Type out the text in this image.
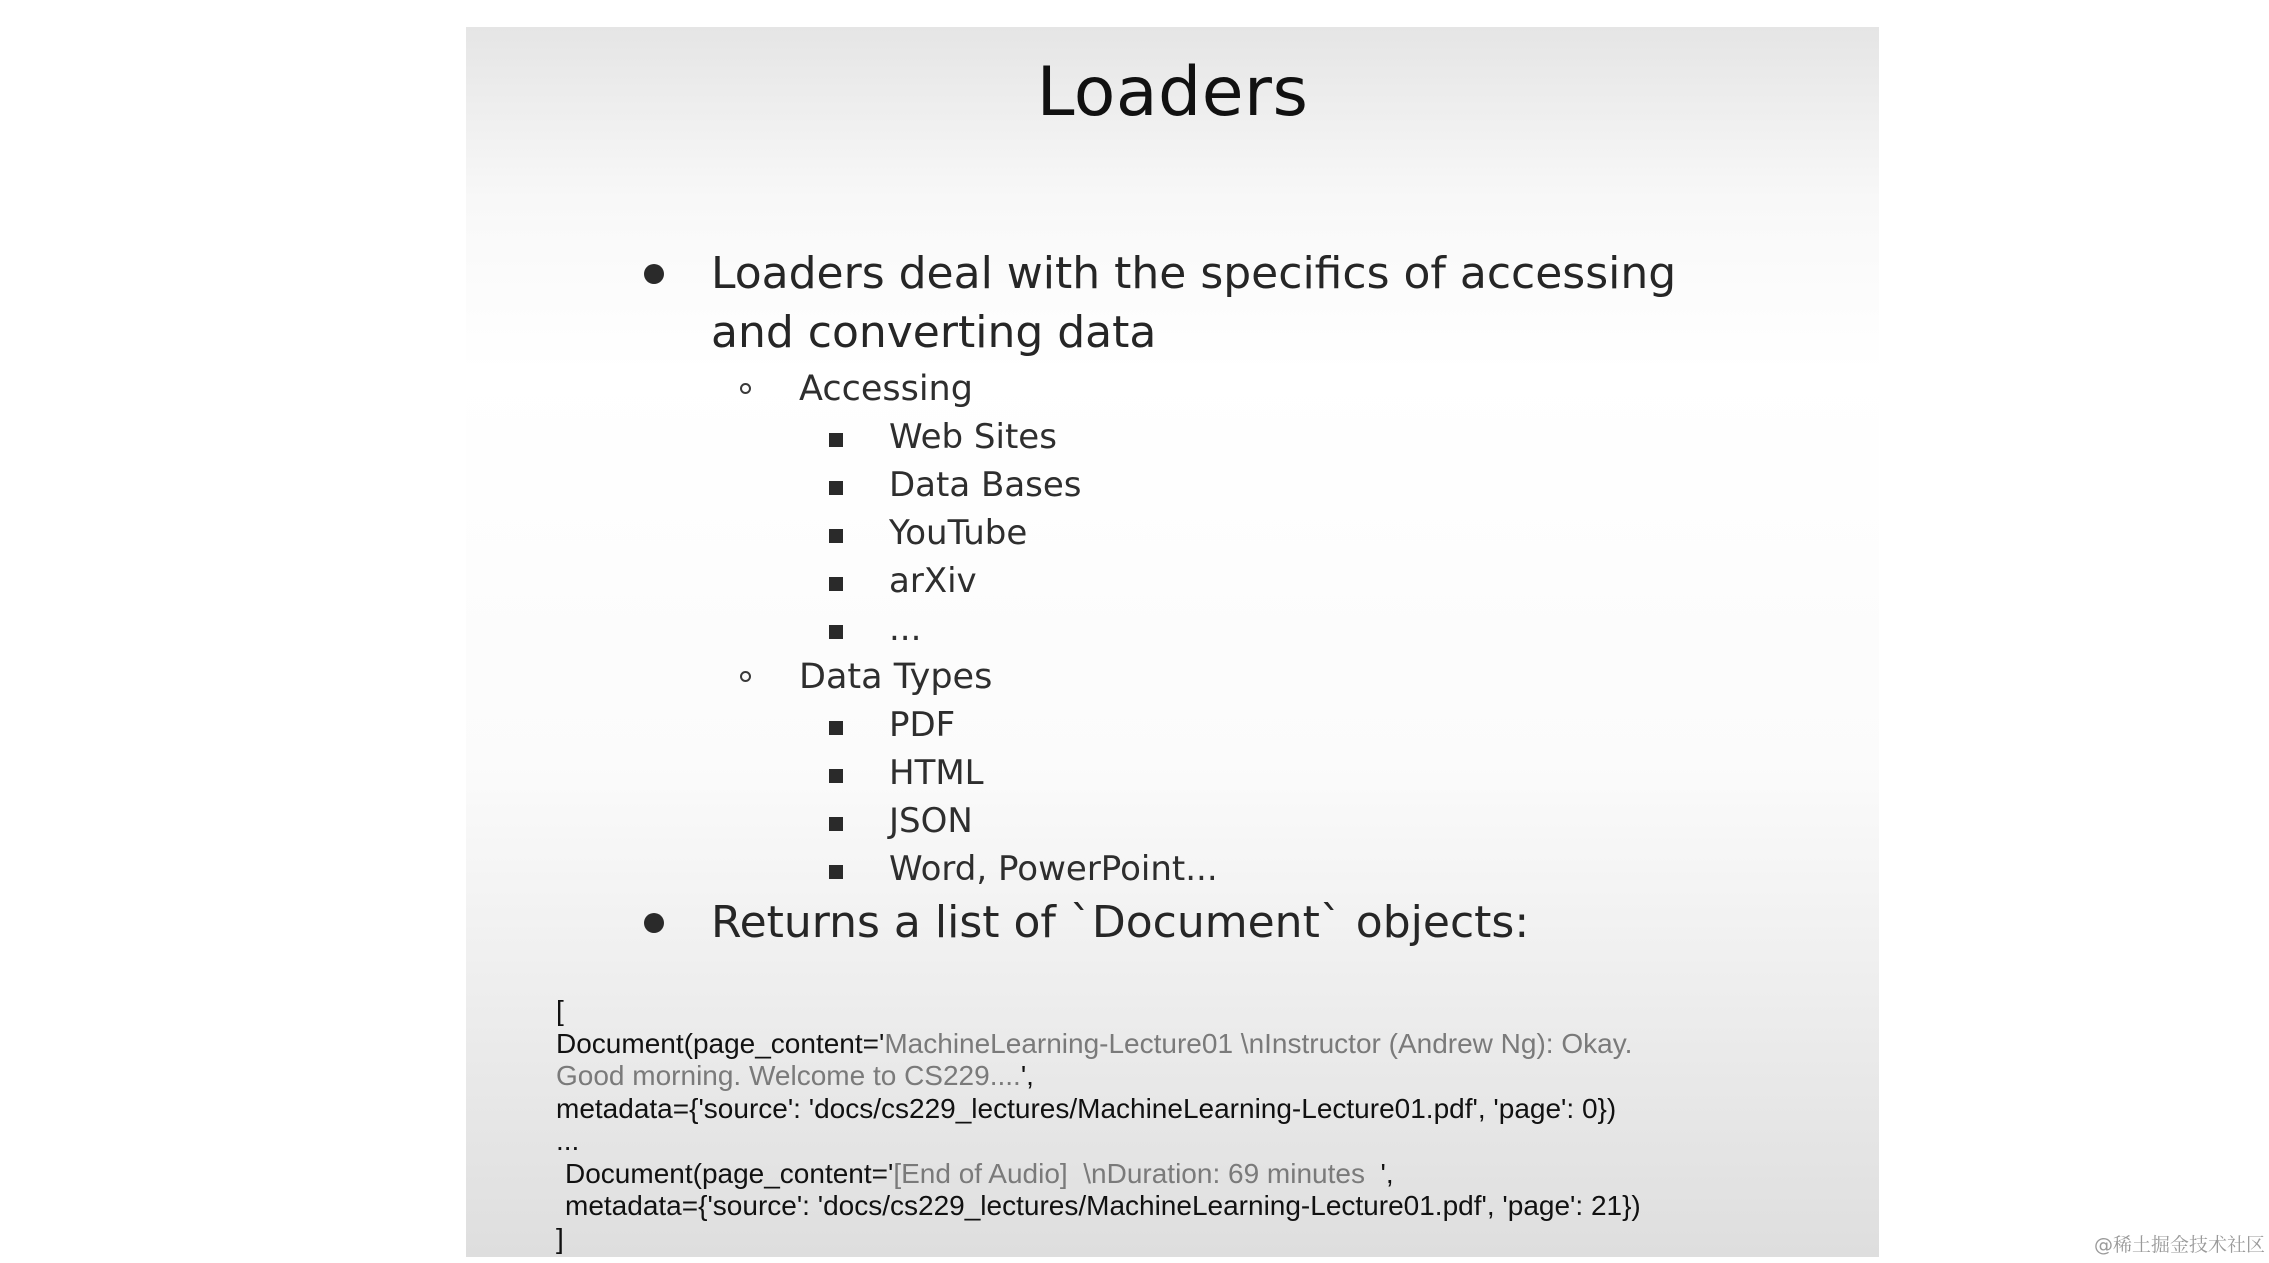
Loaders
Loaders deal with the specifics of accessing
and converting data
Accessing
Web Sites
Data Bases
YouTube
arXiv
...
Data Types
PDF
HTML
JSON
Word, PowerPoint...
Returns a list of `Document` objects:
[
Document(page_content='MachineLearning-Lecture01 \nInstructor (Andrew Ng): Okay.
Good morning. Welcome to CS229....',
metadata={'source': 'docs/cs229_lectures/MachineLearning-Lecture01.pdf', 'page': 0})
...
Document(page_content='[End of Audio]  \nDuration: 69 minutes  ',
metadata={'source': 'docs/cs229_lectures/MachineLearning-Lecture01.pdf', 'page': 21})
]	@稀土掘金技术社区
